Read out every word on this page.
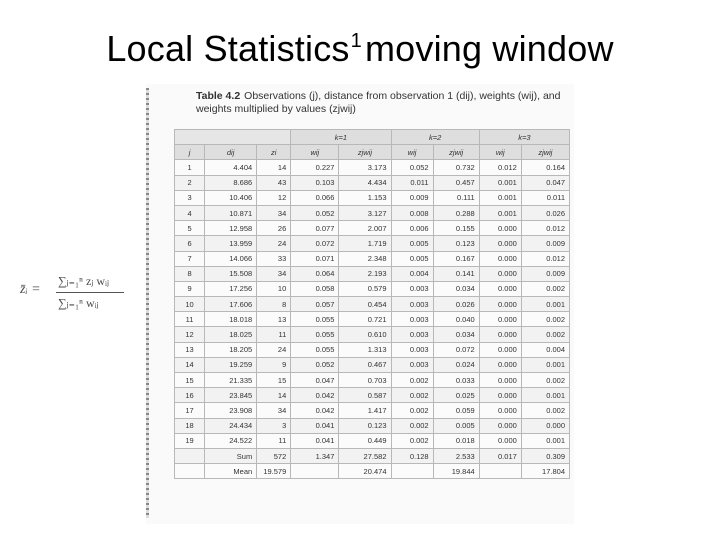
Local Statistics$^1$moving window
z̄ᵢ =
∑ⱼ₌₁ⁿ zⱼ wᵢⱼ
∑ⱼ₌₁ⁿ wᵢⱼ
Table 4.2 Observations (j), distance from observation 1 (dij), weights (wij), and weights multiplied by values (zjwij)
			k=1		k=2		k=3	
j	dij	zi	wij	zjwij	wij	zjwij	wij	zjwij
1	4.404	14	0.227	3.173	0.052	0.732	0.012	0.164
2	8.686	43	0.103	4.434	0.011	0.457	0.001	0.047
3	10.406	12	0.066	1.153	0.009	0.111	0.001	0.011
4	10.871	34	0.052	3.127	0.008	0.288	0.001	0.026
5	12.958	26	0.077	2.007	0.006	0.155	0.000	0.012
6	13.959	24	0.072	1.719	0.005	0.123	0.000	0.009
7	14.066	33	0.071	2.348	0.005	0.167	0.000	0.012
8	15.508	34	0.064	2.193	0.004	0.141	0.000	0.009
9	17.256	10	0.058	0.579	0.003	0.034	0.000	0.002
10	17.606	8	0.057	0.454	0.003	0.026	0.000	0.001
11	18.018	13	0.055	0.721	0.003	0.040	0.000	0.002
12	18.025	11	0.055	0.610	0.003	0.034	0.000	0.002
13	18.205	24	0.055	1.313	0.003	0.072	0.000	0.004
14	19.259	9	0.052	0.467	0.003	0.024	0.000	0.001
15	21.335	15	0.047	0.703	0.002	0.033	0.000	0.002
16	23.845	14	0.042	0.587	0.002	0.025	0.000	0.001
17	23.908	34	0.042	1.417	0.002	0.059	0.000	0.002
18	24.434	3	0.041	0.123	0.002	0.005	0.000	0.000
19	24.522	11	0.041	0.449	0.002	0.018	0.000	0.001
	Sum	572	1.347	27.582	0.128	2.533	0.017	0.309
	Mean	19.579		20.474		19.844		17.804
